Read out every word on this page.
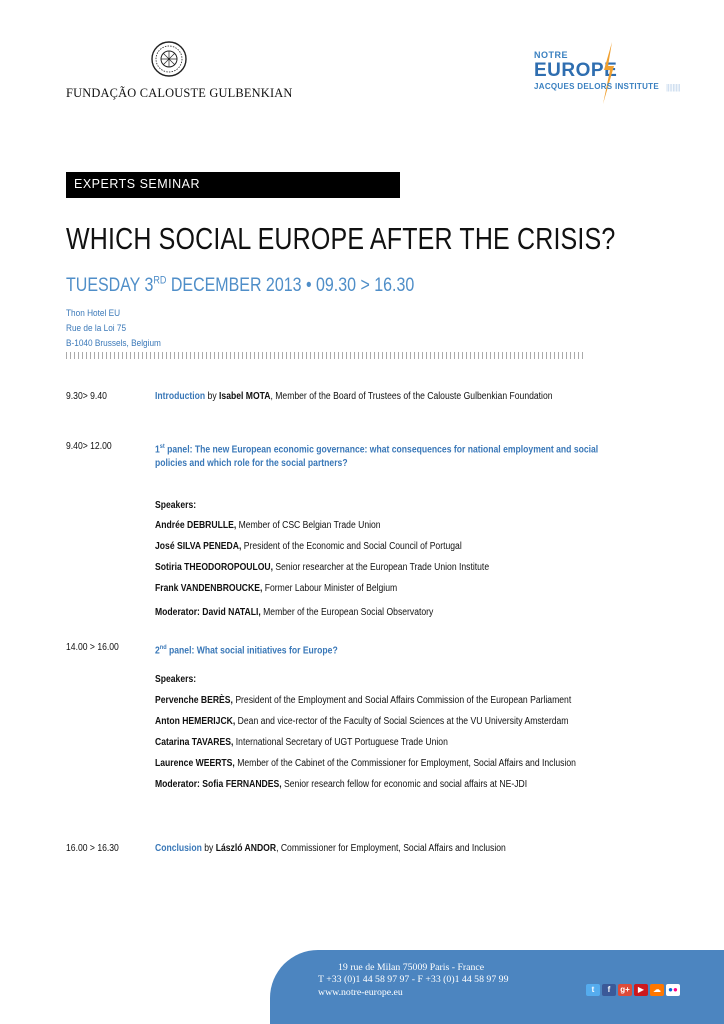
FUNDAÇÃO CALOUSTE GULBENKIAN
NOTRE
EUROPE
JACQUES DELORS INSTITUTE |||||||||
EXPERTS SEMINAR
WHICH SOCIAL EUROPE AFTER THE CRISIS?
TUESDAY 3RD DECEMBER 2013 • 09.30 > 16.30
Thon Hotel EU
Rue de la Loi 75
B-1040 Brussels, Belgium
9.30> 9.40	Introduction by Isabel MOTA, Member of the Board of Trustees of the Calouste Gulbenkian Foundation
9.40> 12.00	1st panel: The new European economic governance: what consequences for national employment and social
policies and which role for the social partners?
Speakers:
Andrée DEBRULLE, Member of CSC Belgian Trade Union
José SILVA PENEDA, President of the Economic and Social Council of Portugal
Sotiria THEODOROPOULOU, Senior researcher at the European Trade Union Institute
Frank VANDENBROUCKE, Former Labour Minister of Belgium
Moderator: David NATALI, Member of the European Social Observatory
14.00 > 16.00	2nd panel: What social initiatives for Europe?
Speakers:
Pervenche BERÈS, President of the Employment and Social Affairs Commission of the European Parliament
Anton HEMERIJCK, Dean and vice-rector of the Faculty of Social Sciences at the VU University Amsterdam
Catarina TAVARES, International Secretary of UGT Portuguese Trade Union
Laurence WEERTS, Member of the Cabinet of the Commissioner for Employment, Social Affairs and Inclusion
Moderator: Sofia FERNANDES, Senior research fellow for economic and social affairs at NE-JDI
16.00 > 16.30	Conclusion by László ANDOR, Commissioner for Employment, Social Affairs and Inclusion
19 rue de Milan 75009 Paris - France
T +33 (0)1 44 58 97 97 - F +33 (0)1 44 58 97 99
www.notre-europe.eu	t	f	g+	▶	☁ ●●
